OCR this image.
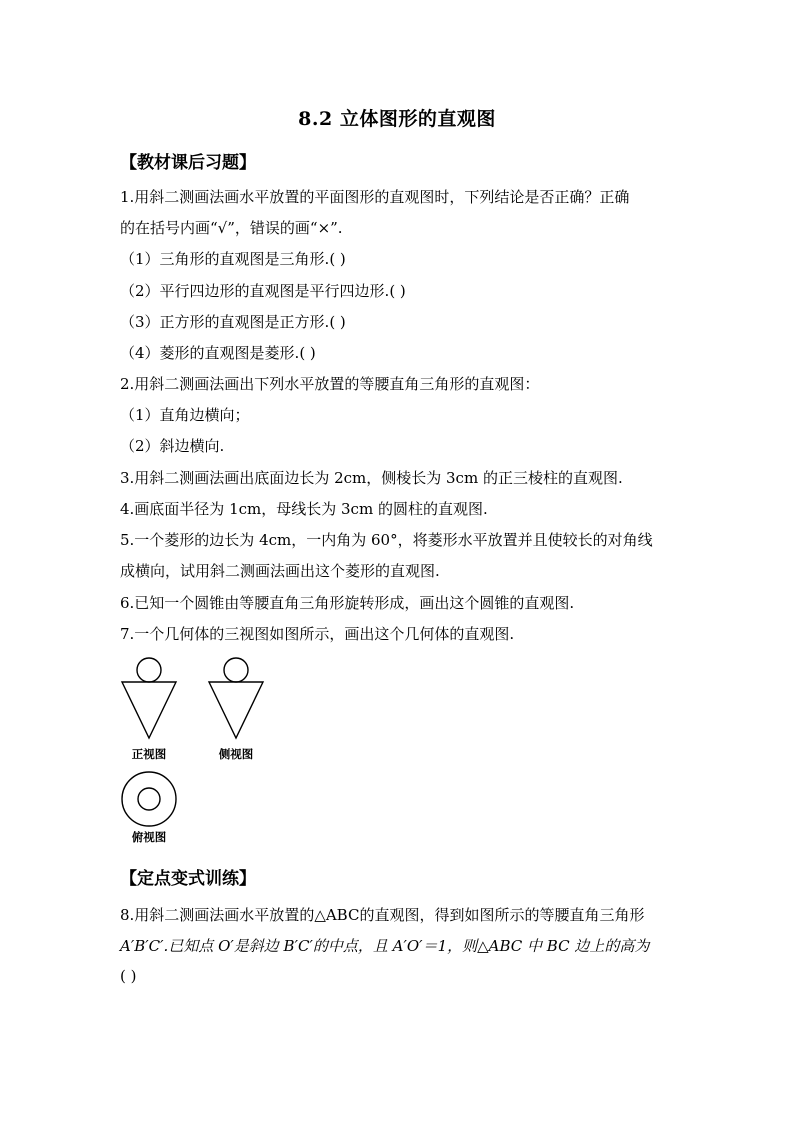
8.2 立体图形的直观图
【教材课后习题】
1.用斜二测画法画水平放置的平面图形的直观图时，下列结论是否正确？正确
的在括号内画“√”，错误的画“×”.
（1）三角形的直观图是三角形.( )
（2）平行四边形的直观图是平行四边形.( )
（3）正方形的直观图是正方形.( )
（4）菱形的直观图是菱形.( )
2.用斜二测画法画出下列水平放置的等腰直角三角形的直观图：
（1）直角边横向；
（2）斜边横向.
3.用斜二测画法画出底面边长为 2cm，侧棱长为 3cm 的正三棱柱的直观图.
4.画底面半径为 1cm，母线长为 3cm 的圆柱的直观图.
5.一个菱形的边长为 4cm，一内角为 60°，将菱形水平放置并且使较长的对角线
成横向，试用斜二测画法画出这个菱形的直观图.
6.已知一个圆锥由等腰直角三角形旋转形成，画出这个圆锥的直观图.
7.一个几何体的三视图如图所示，画出这个几何体的直观图.
正视图	侧视图
俯视图
【定点变式训练】
8.用斜二测画法画水平放置的△ABC的直观图，得到如图所示的等腰直角三角形
A′B′C′.已知点 O′是斜边 B′C′的中点，且 A′O′＝1，则△ABC 中 BC 边上的高为
( )
